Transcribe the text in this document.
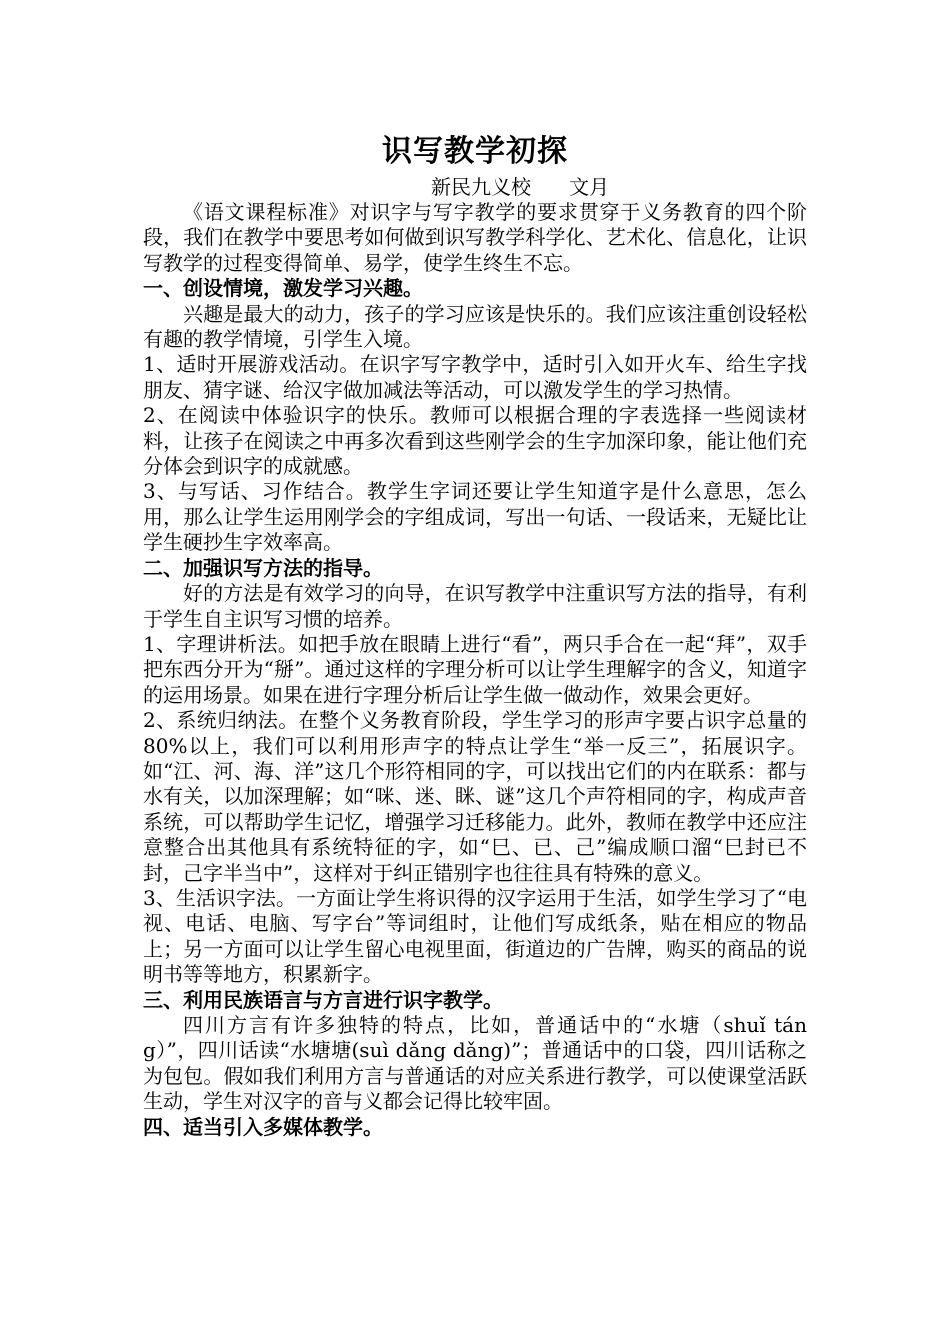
识写教学初探

新民九义校      文月

《语文课程标准》对识字与写字教学的要求贯穿于义务教育的四个阶段，我们在教学中要思考如何做到识写教学科学化、艺术化、信息化，让识写教学的过程变得简单、易学，使学生终生不忘。

一、创设情境，激发学习兴趣。

兴趣是最大的动力，孩子的学习应该是快乐的。我们应该注重创设轻松有趣的教学情境，引学生入境。

1、适时开展游戏活动。在识字写字教学中，适时引入如开火车、给生字找朋友、猜字谜、给汉字做加减法等活动，可以激发学生的学习热情。

2、在阅读中体验识字的快乐。教师可以根据合理的字表选择一些阅读材料，让孩子在阅读之中再多次看到这些刚学会的生字加深印象，能让他们充分体会到识字的成就感。

3、与写话、习作结合。教学生字词还要让学生知道字是什么意思，怎么用，那么让学生运用刚学会的字组成词，写出一句话、一段话来，无疑比让学生硬抄生字效率高。

二、加强识写方法的指导。

好的方法是有效学习的向导，在识写教学中注重识写方法的指导，有利于学生自主识写习惯的培养。

1、字理讲析法。如把手放在眼睛上进行“看”，两只手合在一起“拜”，双手把东西分开为“掰”。通过这样的字理分析可以让学生理解字的含义，知道字的运用场景。如果在进行字理分析后让学生做一做动作，效果会更好。

2、系统归纳法。在整个义务教育阶段，学生学习的形声字要占识字总量的80%以上，我们可以利用形声字的特点让学生“举一反三”，拓展识字。如“江、河、海、洋”这几个形符相同的字，可以找出它们的内在联系：都与水有关，以加深理解；如“咪、迷、眯、谜”这几个声符相同的字，构成声音系统，可以帮助学生记忆，增强学习迁移能力。此外，教师在教学中还应注意整合出其他具有系统特征的字，如“巳、已、己”编成顺口溜“巳封已不封，己字半当中”，这样对于纠正错别字也往往具有特殊的意义。

3、生活识字法。一方面让学生将识得的汉字运用于生活，如学生学习了“电视、电话、电脑、写字台”等词组时，让他们写成纸条，贴在相应的物品上；另一方面可以让学生留心电视里面，街道边的广告牌，购买的商品的说明书等等地方，积累新字。

三、利用民族语言与方言进行识字教学。

四川方言有许多独特的特点，比如，普通话中的“水塘（shuǐ táng）”，四川话读“水塘塘(suì dǎng dǎng)”；普通话中的口袋，四川话称之为包包。假如我们利用方言与普通话的对应关系进行教学，可以使课堂活跃生动，学生对汉字的音与义都会记得比较牢固。

四、适当引入多媒体教学。
